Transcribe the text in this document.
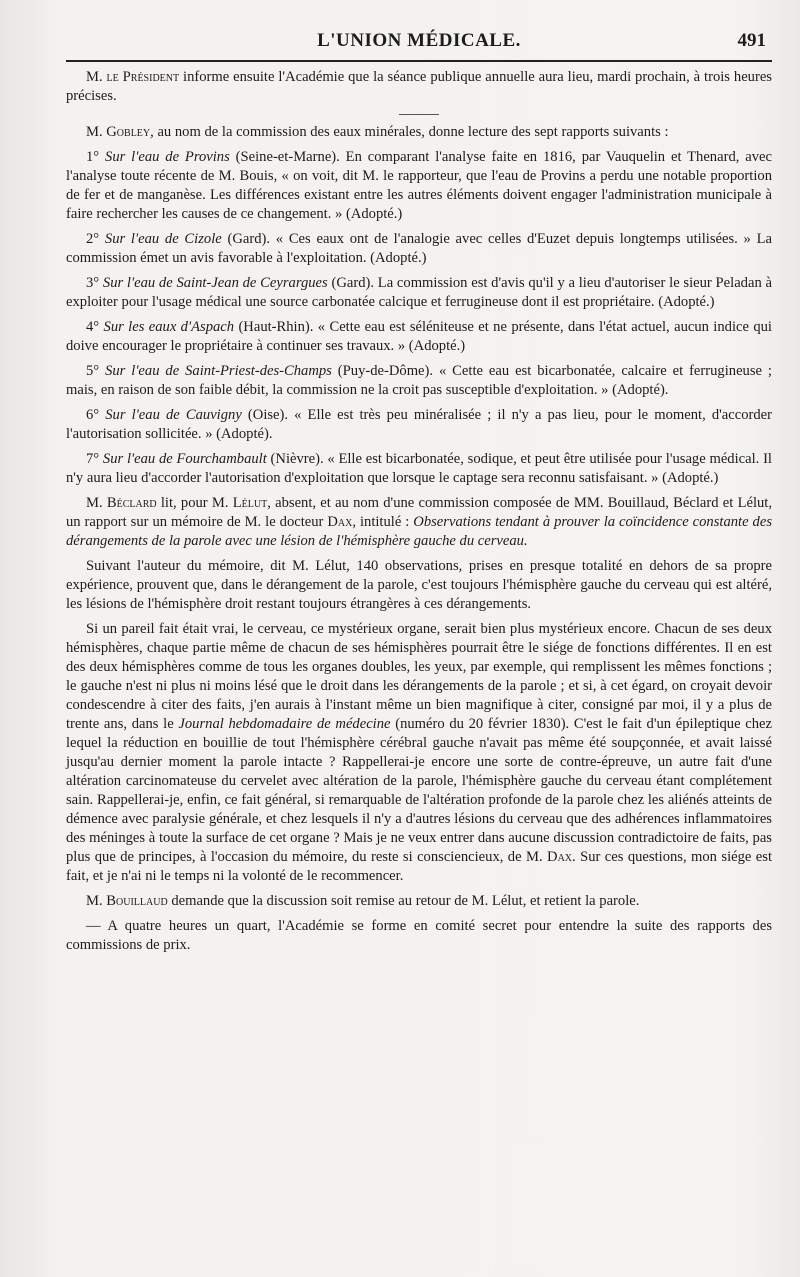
L'UNION MÉDICALE.	491

M. le Président informe ensuite l'Académie que la séance publique annuelle aura lieu, mardi prochain, à trois heures précises.

M. Gobley, au nom de la commission des eaux minérales, donne lecture des sept rapports suivants :

1° Sur l'eau de Provins (Seine-et-Marne). En comparant l'analyse faite en 1816, par Vauquelin et Thenard, avec l'analyse toute récente de M. Bouis, « on voit, dit M. le rapporteur, que l'eau de Provins a perdu une notable proportion de fer et de manganèse. Les différences existant entre les autres éléments doivent engager l'administration municipale à faire rechercher les causes de ce changement. » (Adopté.)

2° Sur l'eau de Cizole (Gard). « Ces eaux ont de l'analogie avec celles d'Euzet depuis longtemps utilisées. » La commission émet un avis favorable à l'exploitation. (Adopté.)

3° Sur l'eau de Saint-Jean de Ceyrargues (Gard). La commission est d'avis qu'il y a lieu d'autoriser le sieur Peladan à exploiter pour l'usage médical une source carbonatée calcique et ferrugineuse dont il est propriétaire. (Adopté.)

4° Sur les eaux d'Aspach (Haut-Rhin). « Cette eau est séléniteuse et ne présente, dans l'état actuel, aucun indice qui doive encourager le propriétaire à continuer ses travaux. » (Adopté.)

5° Sur l'eau de Saint-Priest-des-Champs (Puy-de-Dôme). « Cette eau est bicarbonatée, calcaire et ferrugineuse ; mais, en raison de son faible débit, la commission ne la croit pas susceptible d'exploitation. » (Adopté).

6° Sur l'eau de Cauvigny (Oise). « Elle est très peu minéralisée ; il n'y a pas lieu, pour le moment, d'accorder l'autorisation sollicitée. » (Adopté).

7° Sur l'eau de Fourchambault (Nièvre). « Elle est bicarbonatée, sodique, et peut être utilisée pour l'usage médical. Il n'y aura lieu d'accorder l'autorisation d'exploitation que lorsque le captage sera reconnu satisfaisant. » (Adopté.)

M. Béclard lit, pour M. Lélut, absent, et au nom d'une commission composée de MM. Bouillaud, Béclard et Lélut, un rapport sur un mémoire de M. le docteur Dax, intitulé : Observations tendant à prouver la coïncidence constante des dérangements de la parole avec une lésion de l'hémisphère gauche du cerveau.

Suivant l'auteur du mémoire, dit M. Lélut, 140 observations, prises en presque totalité en dehors de sa propre expérience, prouvent que, dans le dérangement de la parole, c'est toujours l'hémisphère gauche du cerveau qui est altéré, les lésions de l'hémisphère droit restant toujours étrangères à ces dérangements.

Si un pareil fait était vrai, le cerveau, ce mystérieux organe, serait bien plus mystérieux encore. Chacun de ses deux hémisphères, chaque partie même de chacun de ses hémisphères pourrait être le siége de fonctions différentes. Il en est des deux hémisphères comme de tous les organes doubles, les yeux, par exemple, qui remplissent les mêmes fonctions ; le gauche n'est ni plus ni moins lésé que le droit dans les dérangements de la parole ; et si, à cet égard, on croyait devoir condescendre à citer des faits, j'en aurais à l'instant même un bien magnifique à citer, consigné par moi, il y a plus de trente ans, dans le Journal hebdomadaire de médecine (numéro du 20 février 1830). C'est le fait d'un épileptique chez lequel la réduction en bouillie de tout l'hémisphère cérébral gauche n'avait pas même été soupçonnée, et avait laissé jusqu'au dernier moment la parole intacte ? Rappellerai-je encore une sorte de contre-épreuve, un autre fait d'une altération carcinomateuse du cervelet avec altération de la parole, l'hémisphère gauche du cerveau étant complétement sain. Rappellerai-je, enfin, ce fait général, si remarquable de l'altération profonde de la parole chez les aliénés atteints de démence avec paralysie générale, et chez lesquels il n'y a d'autres lésions du cerveau que des adhérences inflammatoires des méninges à toute la surface de cet organe ? Mais je ne veux entrer dans aucune discussion contradictoire de faits, pas plus que de principes, à l'occasion du mémoire, du reste si consciencieux, de M. Dax. Sur ces questions, mon siége est fait, et je n'ai ni le temps ni la volonté de le recommencer.

M. Bouillaud demande que la discussion soit remise au retour de M. Lélut, et retient la parole.

— A quatre heures un quart, l'Académie se forme en comité secret pour entendre la suite des rapports des commissions de prix.
